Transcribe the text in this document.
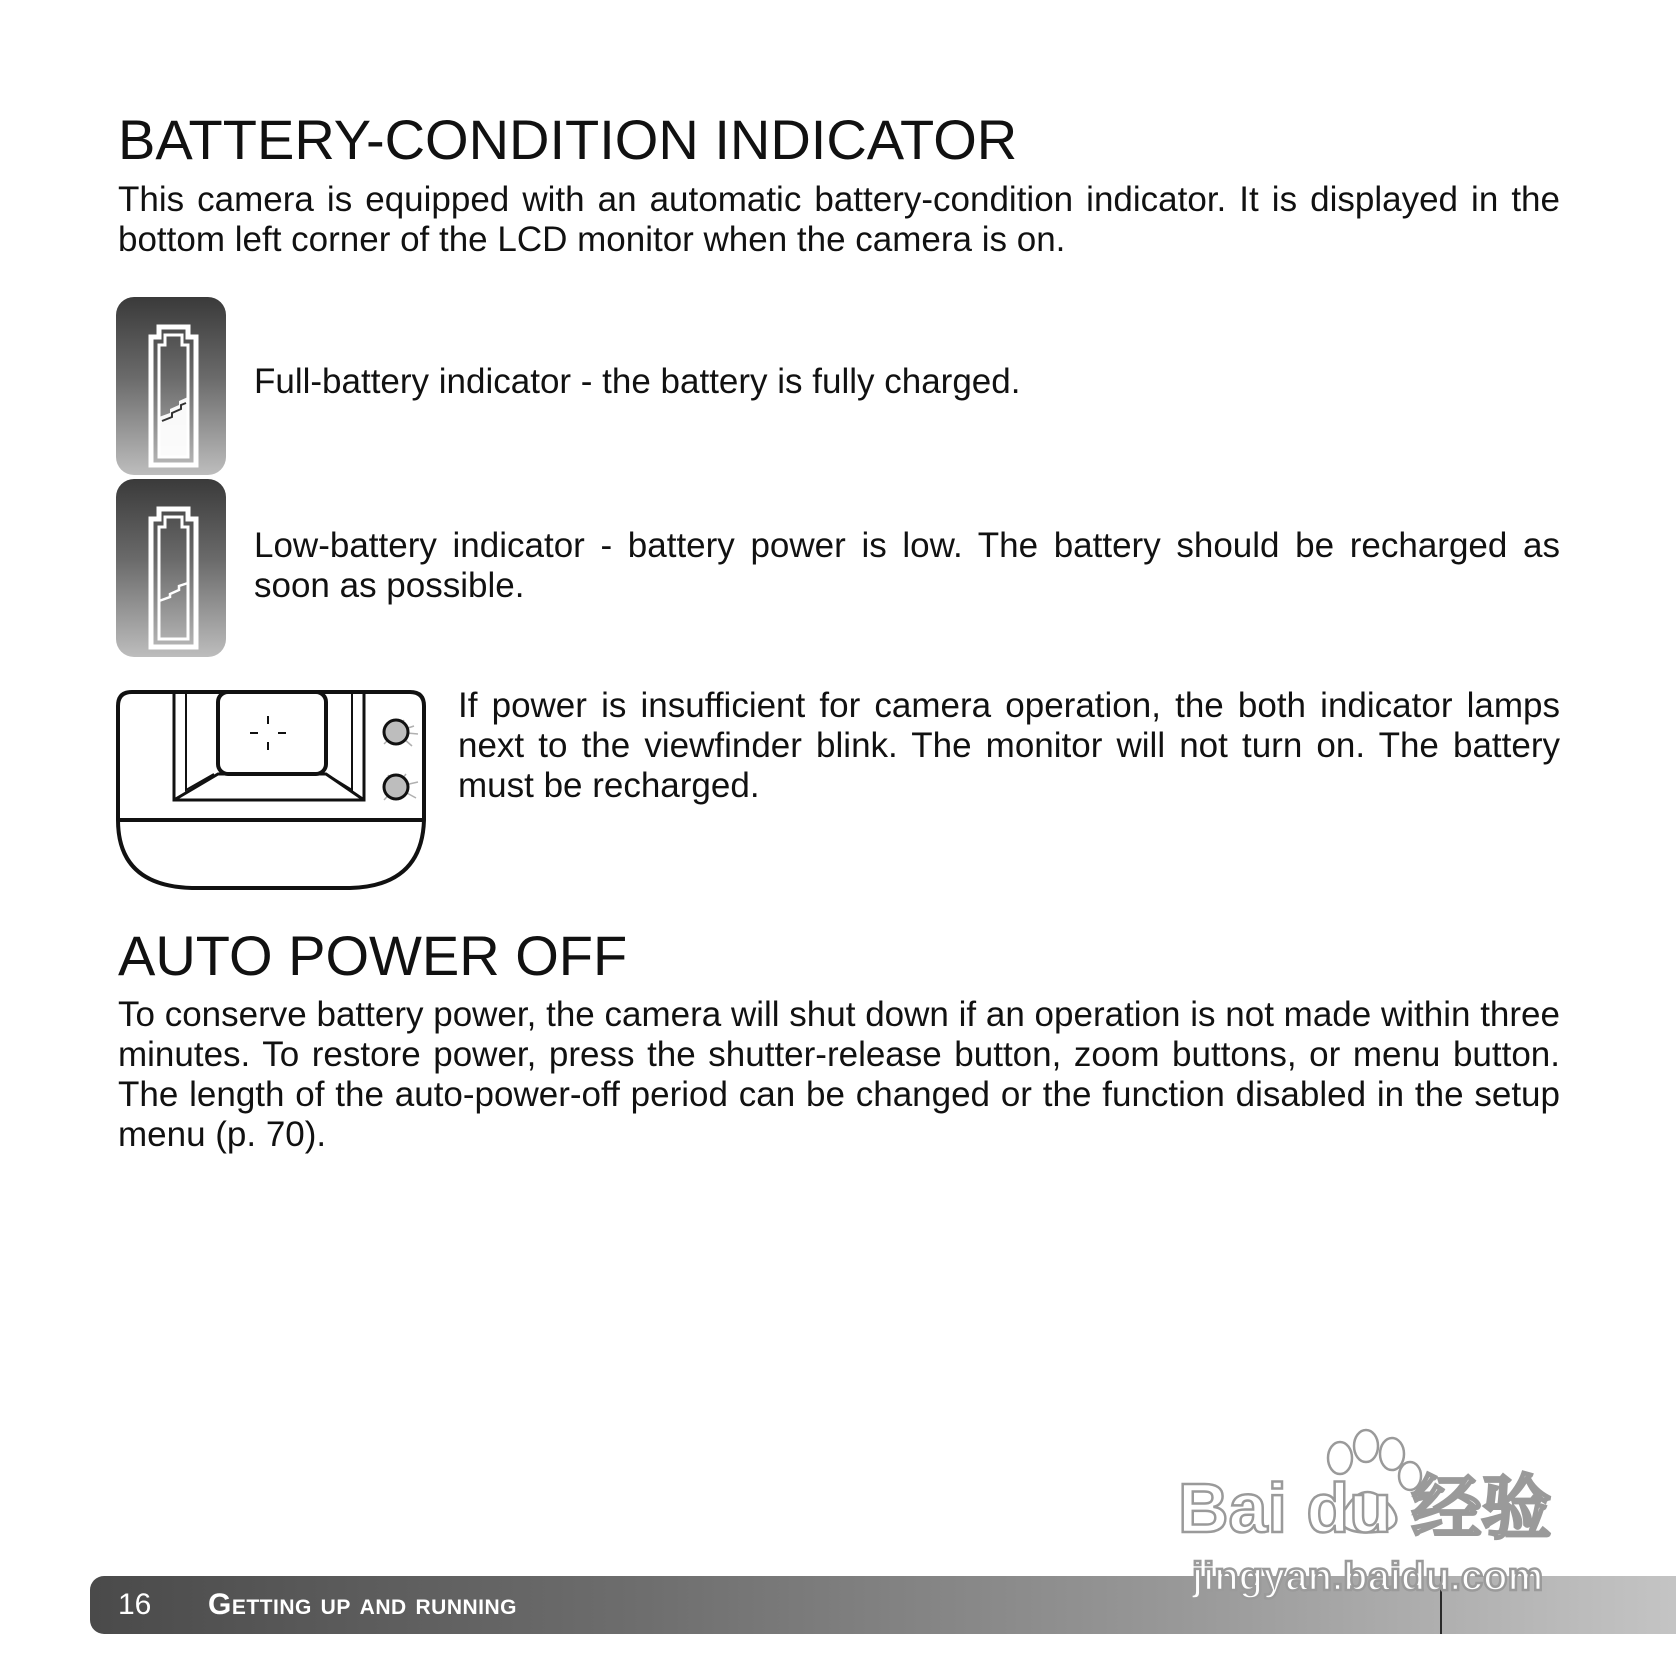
BATTERY-CONDITION INDICATOR

This camera is equipped with an automatic battery-condition indicator. It is displayed in the bottom left corner of the LCD monitor when the camera is on.

Full-battery indicator - the battery is fully charged.

Low-battery indicator - battery power is low. The battery should be recharged as soon as possible.

If power is insufficient for camera operation, the both indicator lamps next to the viewfinder blink. The monitor will not turn on. The battery must be recharged.

AUTO POWER OFF

To conserve battery power, the camera will shut down if an operation is not made within three minutes. To restore power, press the shutter-release button, zoom buttons, or menu button. The length of the auto-power-off period can be changed or the function disabled in the setup menu (p. 70).

16 Getting up and running
Bai du 经验
jingyan.baidu.com
